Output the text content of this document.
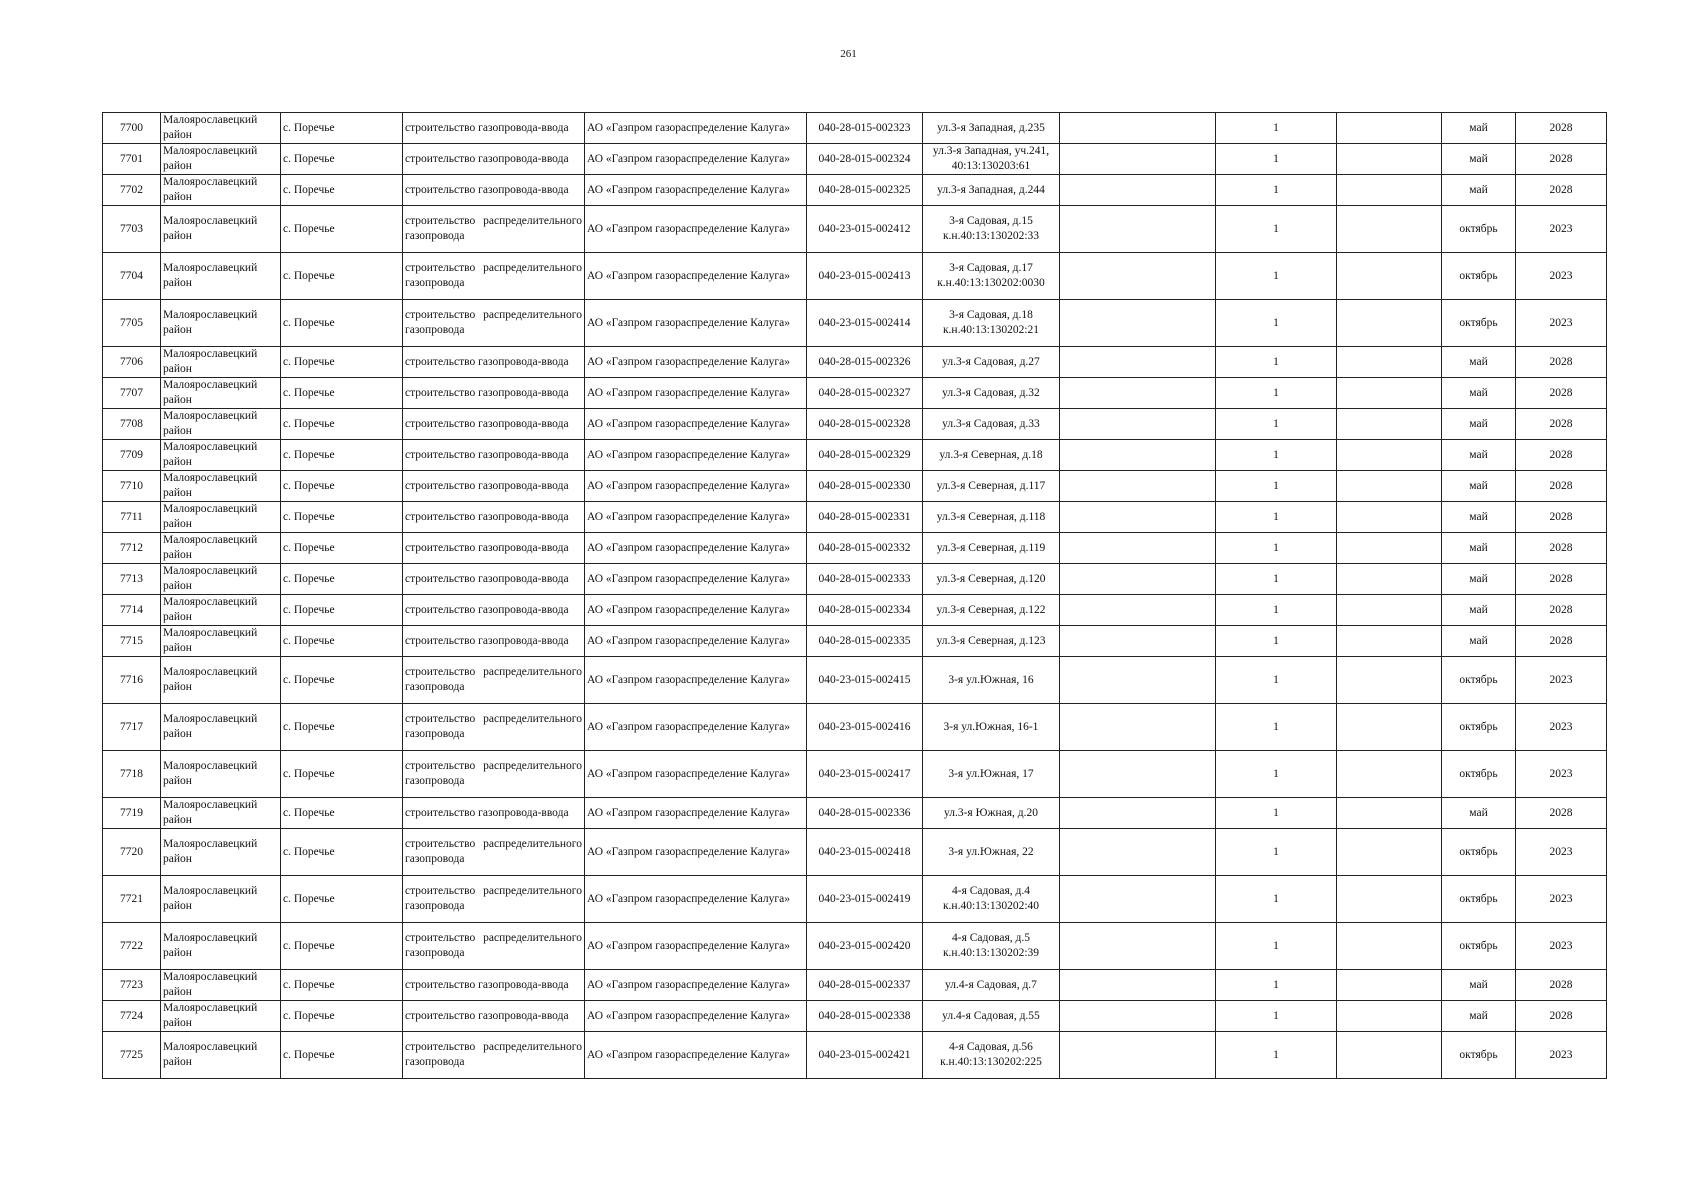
261
7700	Малоярославецкий район	с. Поречье	строительство газопровода-ввода	АО «Газпром газораспределение Калуга»	040-28-015-002323	ул.3-я Западная, д.235		1		май	2028
7701	Малоярославецкий район	с. Поречье	строительство газопровода-ввода	АО «Газпром газораспределение Калуга»	040-28-015-002324	ул.3-я Западная, уч.241, 40:13:130203:61		1		май	2028
7702	Малоярославецкий район	с. Поречье	строительство газопровода-ввода	АО «Газпром газораспределение Калуга»	040-28-015-002325	ул.3-я Западная, д.244		1		май	2028
7703	Малоярославецкий район	с. Поречье	строительство распределительного газопровода	АО «Газпром газораспределение Калуга»	040-23-015-002412	3-я Садовая, д.15 к.н.40:13:130202:33		1		октябрь	2023
7704	Малоярославецкий район	с. Поречье	строительство распределительного газопровода	АО «Газпром газораспределение Калуга»	040-23-015-002413	3-я Садовая, д.17 к.н.40:13:130202:0030		1		октябрь	2023
7705	Малоярославецкий район	с. Поречье	строительство распределительного газопровода	АО «Газпром газораспределение Калуга»	040-23-015-002414	3-я Садовая, д.18 к.н.40:13:130202:21		1		октябрь	2023
7706	Малоярославецкий район	с. Поречье	строительство газопровода-ввода	АО «Газпром газораспределение Калуга»	040-28-015-002326	ул.3-я Садовая, д.27		1		май	2028
7707	Малоярославецкий район	с. Поречье	строительство газопровода-ввода	АО «Газпром газораспределение Калуга»	040-28-015-002327	ул.3-я Садовая, д.32		1		май	2028
7708	Малоярославецкий район	с. Поречье	строительство газопровода-ввода	АО «Газпром газораспределение Калуга»	040-28-015-002328	ул.3-я Садовая, д.33		1		май	2028
7709	Малоярославецкий район	с. Поречье	строительство газопровода-ввода	АО «Газпром газораспределение Калуга»	040-28-015-002329	ул.3-я Северная, д.18		1		май	2028
7710	Малоярославецкий район	с. Поречье	строительство газопровода-ввода	АО «Газпром газораспределение Калуга»	040-28-015-002330	ул.3-я Северная, д.117		1		май	2028
7711	Малоярославецкий район	с. Поречье	строительство газопровода-ввода	АО «Газпром газораспределение Калуга»	040-28-015-002331	ул.3-я Северная, д.118		1		май	2028
7712	Малоярославецкий район	с. Поречье	строительство газопровода-ввода	АО «Газпром газораспределение Калуга»	040-28-015-002332	ул.3-я Северная, д.119		1		май	2028
7713	Малоярославецкий район	с. Поречье	строительство газопровода-ввода	АО «Газпром газораспределение Калуга»	040-28-015-002333	ул.3-я Северная, д.120		1		май	2028
7714	Малоярославецкий район	с. Поречье	строительство газопровода-ввода	АО «Газпром газораспределение Калуга»	040-28-015-002334	ул.3-я Северная, д.122		1		май	2028
7715	Малоярославецкий район	с. Поречье	строительство газопровода-ввода	АО «Газпром газораспределение Калуга»	040-28-015-002335	ул.3-я Северная, д.123		1		май	2028
7716	Малоярославецкий район	с. Поречье	строительство распределительного газопровода	АО «Газпром газораспределение Калуга»	040-23-015-002415	3-я ул.Южная, 16		1		октябрь	2023
7717	Малоярославецкий район	с. Поречье	строительство распределительного газопровода	АО «Газпром газораспределение Калуга»	040-23-015-002416	3-я ул.Южная, 16-1		1		октябрь	2023
7718	Малоярославецкий район	с. Поречье	строительство распределительного газопровода	АО «Газпром газораспределение Калуга»	040-23-015-002417	3-я ул.Южная, 17		1		октябрь	2023
7719	Малоярославецкий район	с. Поречье	строительство газопровода-ввода	АО «Газпром газораспределение Калуга»	040-28-015-002336	ул.3-я Южная, д.20		1		май	2028
7720	Малоярославецкий район	с. Поречье	строительство распределительного газопровода	АО «Газпром газораспределение Калуга»	040-23-015-002418	3-я ул.Южная, 22		1		октябрь	2023
7721	Малоярославецкий район	с. Поречье	строительство распределительного газопровода	АО «Газпром газораспределение Калуга»	040-23-015-002419	4-я Садовая, д.4 к.н.40:13:130202:40		1		октябрь	2023
7722	Малоярославецкий район	с. Поречье	строительство распределительного газопровода	АО «Газпром газораспределение Калуга»	040-23-015-002420	4-я Садовая, д.5 к.н.40:13:130202:39		1		октябрь	2023
7723	Малоярославецкий район	с. Поречье	строительство газопровода-ввода	АО «Газпром газораспределение Калуга»	040-28-015-002337	ул.4-я Садовая, д.7		1		май	2028
7724	Малоярославецкий район	с. Поречье	строительство газопровода-ввода	АО «Газпром газораспределение Калуга»	040-28-015-002338	ул.4-я Садовая, д.55		1		май	2028
7725	Малоярославецкий район	с. Поречье	строительство распределительного газопровода	АО «Газпром газораспределение Калуга»	040-23-015-002421	4-я Садовая, д.56 к.н.40:13:130202:225		1		октябрь	2023
